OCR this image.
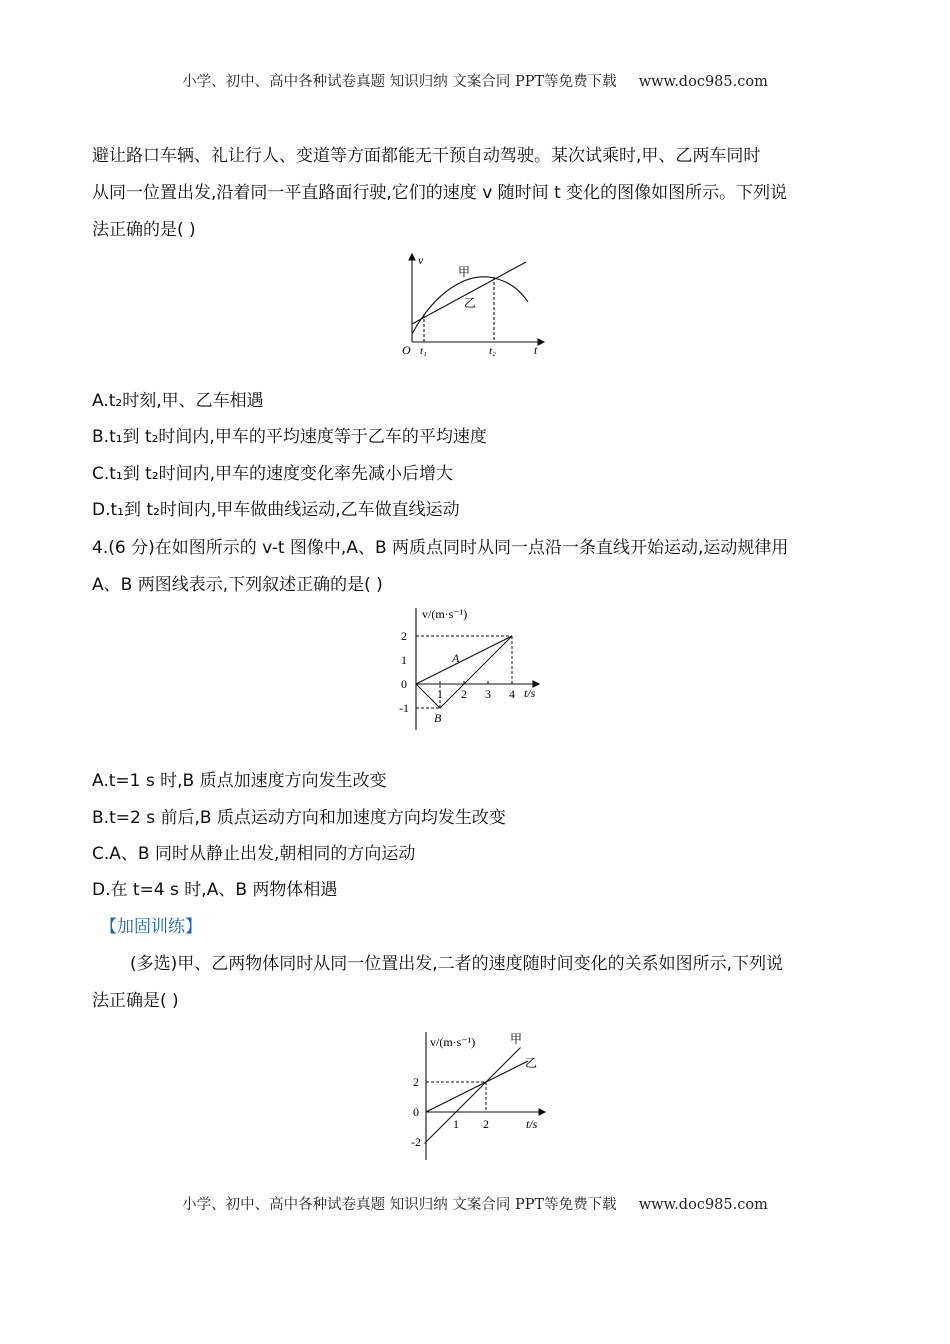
小学、初中、高中各种试卷真题 知识归纳 文案合同 PPT等免费下载 www.doc985.com
避让路口车辆、礼让行人、变道等方面都能无干预自动驾驶。某次试乘时,甲、乙两车同时
从同一位置出发,沿着同一平直路面行驶,它们的速度 v 随时间 t 变化的图像如图所示。下列说
法正确的是( )
v
O t₁	t₂	t
甲
乙
A.t₂时刻,甲、乙车相遇
B.t₁到 t₂时间内,甲车的平均速度等于乙车的平均速度
C.t₁到 t₂时间内,甲车的速度变化率先减小后增大
D.t₁到 t₂时间内,甲车做曲线运动,乙车做直线运动
4.(6 分)在如图所示的 v-t 图像中,A、B 两质点同时从同一点沿一条直线开始运动,运动规律用
A、B 两图线表示,下列叙述正确的是( )
v/(m·s⁻¹)
t/s
2
1
0
-1
1 2 3 4
A
B
A.t=1 s 时,B 质点加速度方向发生改变
B.t=2 s 前后,B 质点运动方向和加速度方向均发生改变
C.A、B 同时从静止出发,朝相同的方向运动
D.在 t=4 s 时,A、B 两物体相遇
【加固训练】
(多选)甲、乙两物体同时从同一位置出发,二者的速度随时间变化的关系如图所示,下列说
法正确是( )
v/(m·s⁻¹)
t/s
2
0
-2
1 2
甲
乙
小学、初中、高中各种试卷真题 知识归纳 文案合同 PPT等免费下载 www.doc985.com
